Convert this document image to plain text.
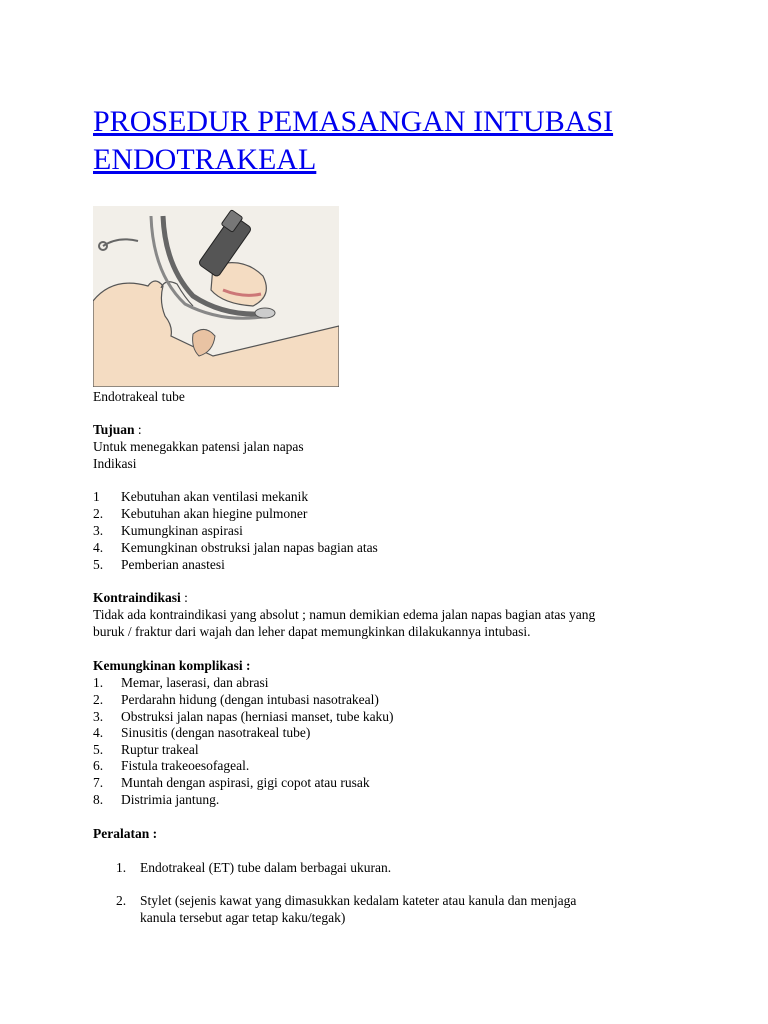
PROSEDUR PEMASANGAN INTUBASI ENDOTRAKEAL
Endotrakeal tube
Tujuan :
Untuk menegakkan patensi jalan napas
Indikasi
1 Kebutuhan akan ventilasi mekanik
2. Kebutuhan akan hiegine pulmoner
3. Kumungkinan aspirasi
4. Kemungkinan obstruksi jalan napas bagian atas
5. Pemberian anastesi
Kontraindikasi :
Tidak ada kontraindikasi yang absolut ; namun demikian edema jalan napas bagian atas yang
buruk / fraktur dari wajah dan leher dapat memungkinkan dilakukannya intubasi.
Kemungkinan komplikasi :
1. Memar, laserasi, dan abrasi
2. Perdarahn hidung (dengan intubasi nasotrakeal)
3. Obstruksi jalan napas (herniasi manset, tube kaku)
4. Sinusitis (dengan nasotrakeal tube)
5. Ruptur trakeal
6. Fistula trakeoesofageal.
7. Muntah dengan aspirasi, gigi copot atau rusak
8. Distrimia jantung.
Peralatan :
1. Endotrakeal (ET) tube dalam berbagai ukuran.
2. Stylet (sejenis kawat yang dimasukkan kedalam kateter atau kanula dan menjaga
kanula tersebut agar tetap kaku/tegak)
